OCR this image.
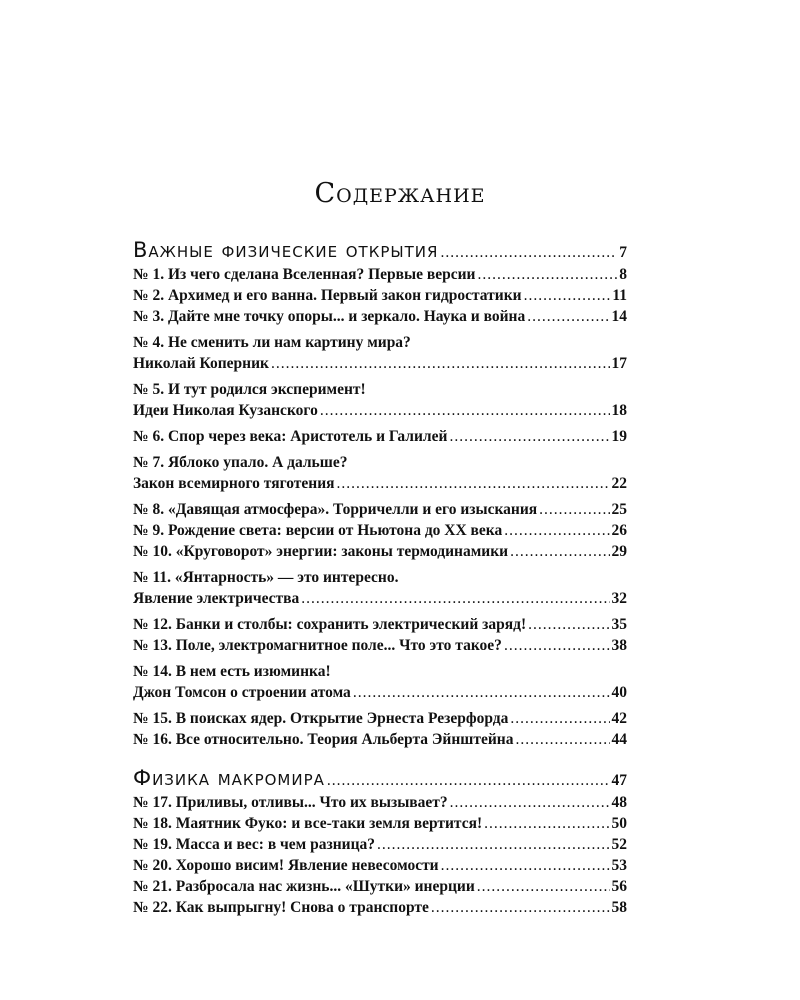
Содержание
Важные физические открытия .....	7
№ 1. Из чего сделана Вселенная? Первые версии .....	8
№ 2. Архимед и его ванна. Первый закон гидростатики .....	11
№ 3. Дайте мне точку опоры... и зеркало. Наука и война .....	14
№ 4. Не сменить ли нам картину мира?
Николай Коперник .....	17
№ 5. И тут родился эксперимент!
Идеи Николая Кузанского .....	18
№ 6. Спор через века: Аристотель и Галилей .....	19
№ 7. Яблоко упало. А дальше?
Закон всемирного тяготения .....	22
№ 8. «Давящая атмосфера». Торричелли и его изыскания .....	25
№ 9. Рождение света: версии от Ньютона до XX века .....	26
№ 10. «Круговорот» энергии: законы термодинамики .....	29
№ 11. «Янтарность» — это интересно.
Явление электричества .....	32
№ 12. Банки и столбы: сохранить электрический заряд! .....	35
№ 13. Поле, электромагнитное поле... Что это такое? .....	38
№ 14. В нем есть изюминка!
Джон Томсон о строении атома .....	40
№ 15. В поисках ядер. Открытие Эрнеста Резерфорда .....	42
№ 16. Все относительно. Теория Альберта Эйнштейна .....	44
Физика макромира .....	47
№ 17. Приливы, отливы... Что их вызывает? .....	48
№ 18. Маятник Фуко: и все-таки земля вертится! .....	50
№ 19. Масса и вес: в чем разница? .....	52
№ 20. Хорошо висим! Явление невесомости .....	53
№ 21. Разбросала нас жизнь... «Шутки» инерции .....	56
№ 22. Как выпрыгну! Снова о транспорте .....	58
